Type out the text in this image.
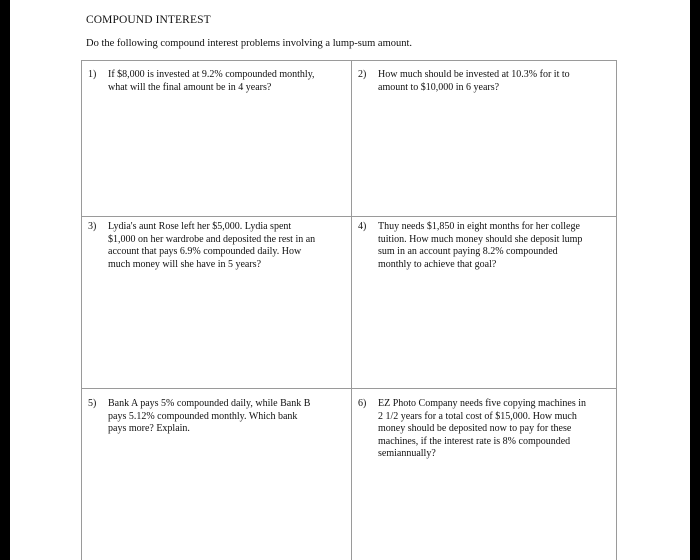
COMPOUND INTEREST
Do the following compound interest problems involving a lump-sum amount.
1) If $8,000 is invested at 9.2% compounded monthly,
what will the final amount be in 4 years?
2) How much should be invested at 10.3% for it to
amount to $10,000 in 6 years?
3) Lydia's aunt Rose left her $5,000. Lydia spent
$1,000 on her wardrobe and deposited the rest in an
account that pays 6.9% compounded daily. How
much money will she have in 5 years?
4) Thuy needs $1,850 in eight months for her college
tuition. How much money should she deposit lump
sum in an account paying 8.2% compounded
monthly to achieve that goal?
5) Bank A pays 5% compounded daily, while Bank B
pays 5.12% compounded monthly. Which bank
pays more? Explain.
6) EZ Photo Company needs five copying machines in
2 1/2 years for a total cost of $15,000. How much
money should be deposited now to pay for these
machines, if the interest rate is 8% compounded
semiannually?
